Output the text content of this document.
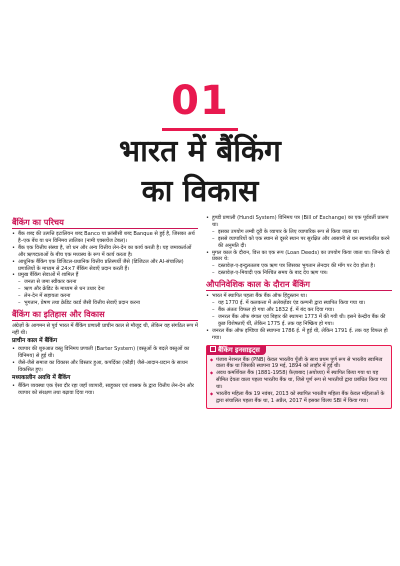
01
भारत में बैंकिंग
का विकास
बैंकिंग का परिचय
• बैंक शब्द की उत्पत्ति इटालियन शब्द Banco या फ्रांसीसी शब्द Banque से हुई है, जिसका अर्थ है–एक बेंच या धन विनिमय तालिका (नामी एक्सचेंज टेबल)।
• बैंक एक वित्तीय संस्था है, जो धन और अन्य वित्तीय लेन-देन का कार्य करती है। यह जमाकर्ताओं और ऋणदाताओं के बीच एक मध्यस्थ के रूप में कार्य करता है।
• आधुनिक बैंकिंग एक डिजिटल-प्रधानिक वित्तीय प्रतिस्पर्धी जैसे (डिजिटल और AI-संचालित) प्रणालियों के माध्यम से 24×7 बैंकिंग सेवाएँ प्रदान करती हैं।
• प्रमुख बैंकिंग सेवाओं में शामिल हैं
– जनता से जमा स्वीकार करना
– ऋण और क्रेडिट के माध्यम से धन उधार देना
– लेन-देन में सहायता करना
– भुगतान, प्रेषण तथा क्रेडिट कार्ड जैसी वित्तीय सेवाएँ प्रदान करना
बैंकिंग का इतिहास और विकास

अंग्रेज़ों के आगमन से पूर्व भारत में बैंकिंग प्रणाली प्राचीन काल से मौजूद थी, लेकिन यह संगठित रूप में नहीं थी।

प्राचीन काल में बैंकिंग
• व्यापार की शुरुआत वस्तु विनिमय प्रणाली (Barter System) (वस्तुओं के बदले वस्तुओं का विनिमय) से हुई थी।
• जैसे-जैसे समाज का विकास और विस्तार हुआ, कपर्दिका (कौड़ी) जैसे-आदान-प्रदान के साधन विकसित हुए।
मध्यकालीन अवधि में बैंकिंग
• बैंकिंग व्यवस्था एक ऐसा दौर रहा जहाँ व्यापारी, साहूकार एवं शासक के द्वारा वित्तीय लेन-देन और व्यापार को संरक्षण तथा बढ़ावा दिया गया।
• हुण्डी प्रणाली (Hundi System) विनिमय पत्र (Bill of Exchange) का एक पूर्ववर्ती प्रारूप था।
– इसका उपयोग लम्बी दूरी के व्यापार के लिए व्यापारिक रूप से किया जाता था।
– इससे व्यापारियों को एक स्थान से दूसरे स्थान पर सुरक्षित और आसानी से धन स्थानांतरित करने की अनुमति दी।
• मुगल काल के दौरान, वित्त का एक रूप (Loan Deeds) का उपयोग किया जाता था। जिनके दो प्रकार थे:
– दस्तावेज़-ए-इन्दुलतलब एक ऋण पत्र जिसका भुगतान लेनदार की माँग पर देय होता है।
– दस्तावेज़-ए-मियादी एक निश्चित समय के बाद देय ऋण पत्र।
औपनिवेशिक काल के दौरान बैंकिंग
• भारत में स्थापित पहला बैंक बैंक ऑफ हिंदुस्तान था।
– यह 1770 ई. में कलकत्ता में अलेक्ज़ेंडर एंड कम्पनी द्वारा स्थापित किया गया था।
– बैंक अंततः विफल हो गया और 1832 ई. में बंद कर दिया गया।
– जनरल बैंक ऑफ बंगाल एवं बिहार की स्थापना 1773 में की गयी थी। इसने केन्द्रीय बैंक की कुछ विशेषताएँ थीं, लेकिन 1775 ई. तक यह निष्क्रिय हो गया।
• जनरल बैंक ऑफ इण्डिया की स्थापना 1786 ई. में हुई थी, लेकिन 1791 ई. तक यह विफल हो गया।
बैंकिंग इनसाइट्स
◆ पंजाब नेशनल बैंक (PNB) केवल भारतीय पूँजी के साथ प्रथम पूर्ण रूप से भारतीय स्वामित्व वाला बैंक था जिसकी स्थापना 19 मई, 1894 को लाहौर में हुई थी।
◆ अवध कमर्शियल बैंक (1881-1958) फ़ैज़ाबाद (अयोध्या) में स्थापित किया गया था यह सीमित देयता वाला पहला भारतीय बैंक था, जिसे पूर्ण रूप से भारतीयों द्वारा प्रबंधित किया गया था।
◆ भारतीय महिला बैंक 19 नवंबर, 2013 को स्थापित भारतीय महिला बैंक केवल महिलाओं के द्वारा संचालित पहला बैंक था, 1 अप्रैल, 2017 में इसका विलय SBI में किया गया।
